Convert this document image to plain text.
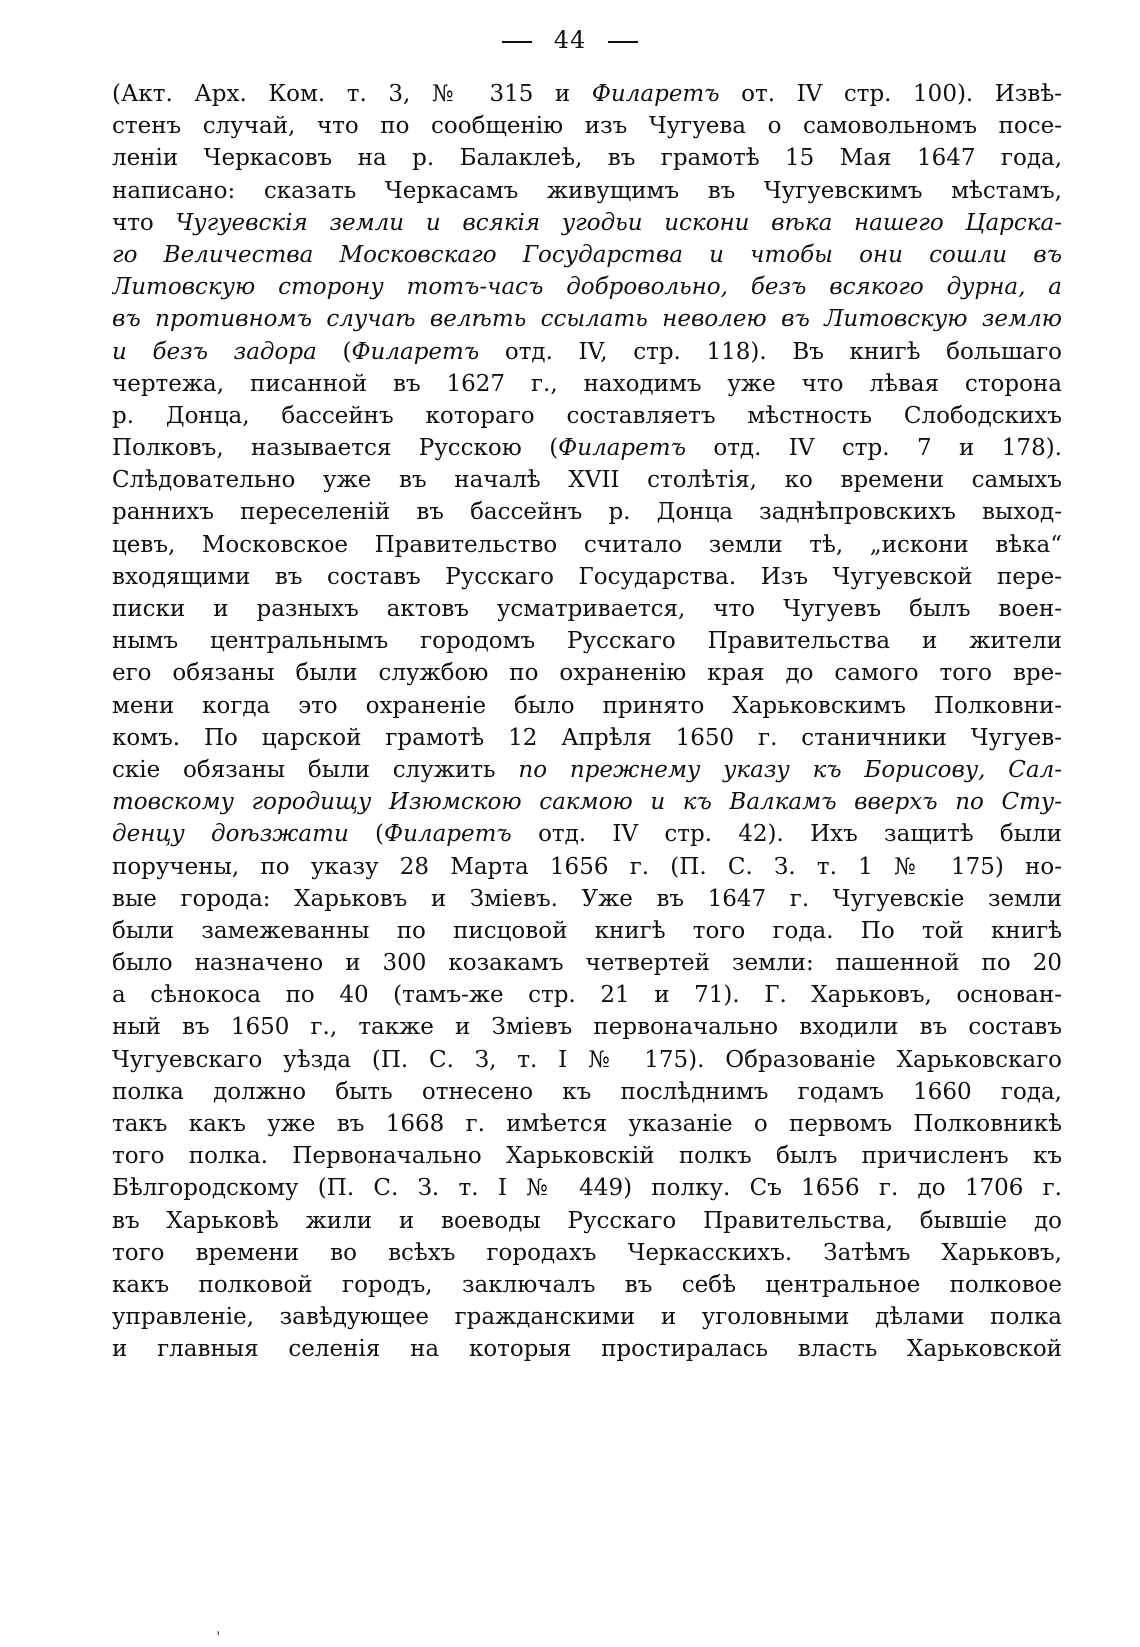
44
(Акт. Арх. Ком. т. 3, № 315 и Филаретъ от. IV стр. 100). Извѣ-
стенъ случай, что по сообщенію изъ Чугуева о самовольномъ посе-
леніи Черкасовъ на р. Балаклеѣ, въ грамотѣ 15 Мая 1647 года,
написано: сказать Черкасамъ живущимъ въ Чугуевскимъ мѣстамъ,
что Чугуевскія земли и всякія угодьи искони вѣка нашего Царска-
го Величества Московскаго Государства и чтобы они сошли въ
Литовскую сторону тотъ-часъ добровольно, безъ всякого дурна, а
въ противномъ случаѣ велѣть ссылать неволею въ Литовскую землю
и безъ задора (Филаретъ отд. IV, стр. 118). Въ книгѣ большаго
чертежа, писанной въ 1627 г., находимъ уже что лѣвая сторона
р. Донца, бассейнъ котораго составляетъ мѣстность Слободскихъ
Полковъ, называется Русскою (Филаретъ отд. IV стр. 7 и 178).
Слѣдовательно уже въ началѣ XVII столѣтія, ко времени самыхъ
раннихъ переселеній въ бассейнъ р. Донца заднѣпровскихъ выход-
цевъ, Московское Правительство считало земли тѣ, „искони вѣка“
входящими въ составъ Русскаго Государства. Изъ Чугуевской пере-
писки и разныхъ актовъ усматривается, что Чугуевъ былъ воен-
нымъ центральнымъ городомъ Русскаго Правительства и жители
его обязаны были службою по охраненію края до самого того вре-
мени когда это охраненіе было принято Харьковскимъ Полковни-
комъ. По царской грамотѣ 12 Апрѣля 1650 г. станичники Чугуев-
скіе обязаны были служить по прежнему указу къ Борисову, Сал-
товскому городищу Изюмскою сакмою и къ Валкамъ вверхъ по Сту-
денцу доѣзжати (Филаретъ отд. IV стр. 42). Ихъ защитѣ были
поручены, по указу 28 Марта 1656 г. (П. С. З. т. 1 № 175) но-
вые города: Харьковъ и Зміевъ. Уже въ 1647 г. Чугуевскіе земли
были замежеванны по писцовой книгѣ того года. По той книгѣ
было назначено и 300 козакамъ четвертей земли: пашенной по 20
а сѣнокоса по 40 (тамъ-же стр. 21 и 71). Г. Харьковъ, основан-
ный въ 1650 г., также и Зміевъ первоначально входили въ составъ
Чугуевскаго уѣзда (П. С. З, т. I № 175). Образованіе Харьковскаго
полка должно быть отнесено къ послѣднимъ годамъ 1660 года,
такъ какъ уже въ 1668 г. имѣется указаніе о первомъ Полковникѣ
того полка. Первоначально Харьковскій полкъ былъ причисленъ къ
Бѣлгородскому (П. С. З. т. I № 449) полку. Съ 1656 г. до 1706 г.
въ Харьковѣ жили и воеводы Русскаго Правительства, бывшіе до
того времени во всѣхъ городахъ Черкасскихъ. Затѣмъ Харьковъ,
какъ полковой городъ, заключалъ въ себѣ центральное полковое
управленіе, завѣдующее гражданскими и уголовными дѣлами полка
и главныя селенія на которыя простиралась власть Харьковской
ˌ
